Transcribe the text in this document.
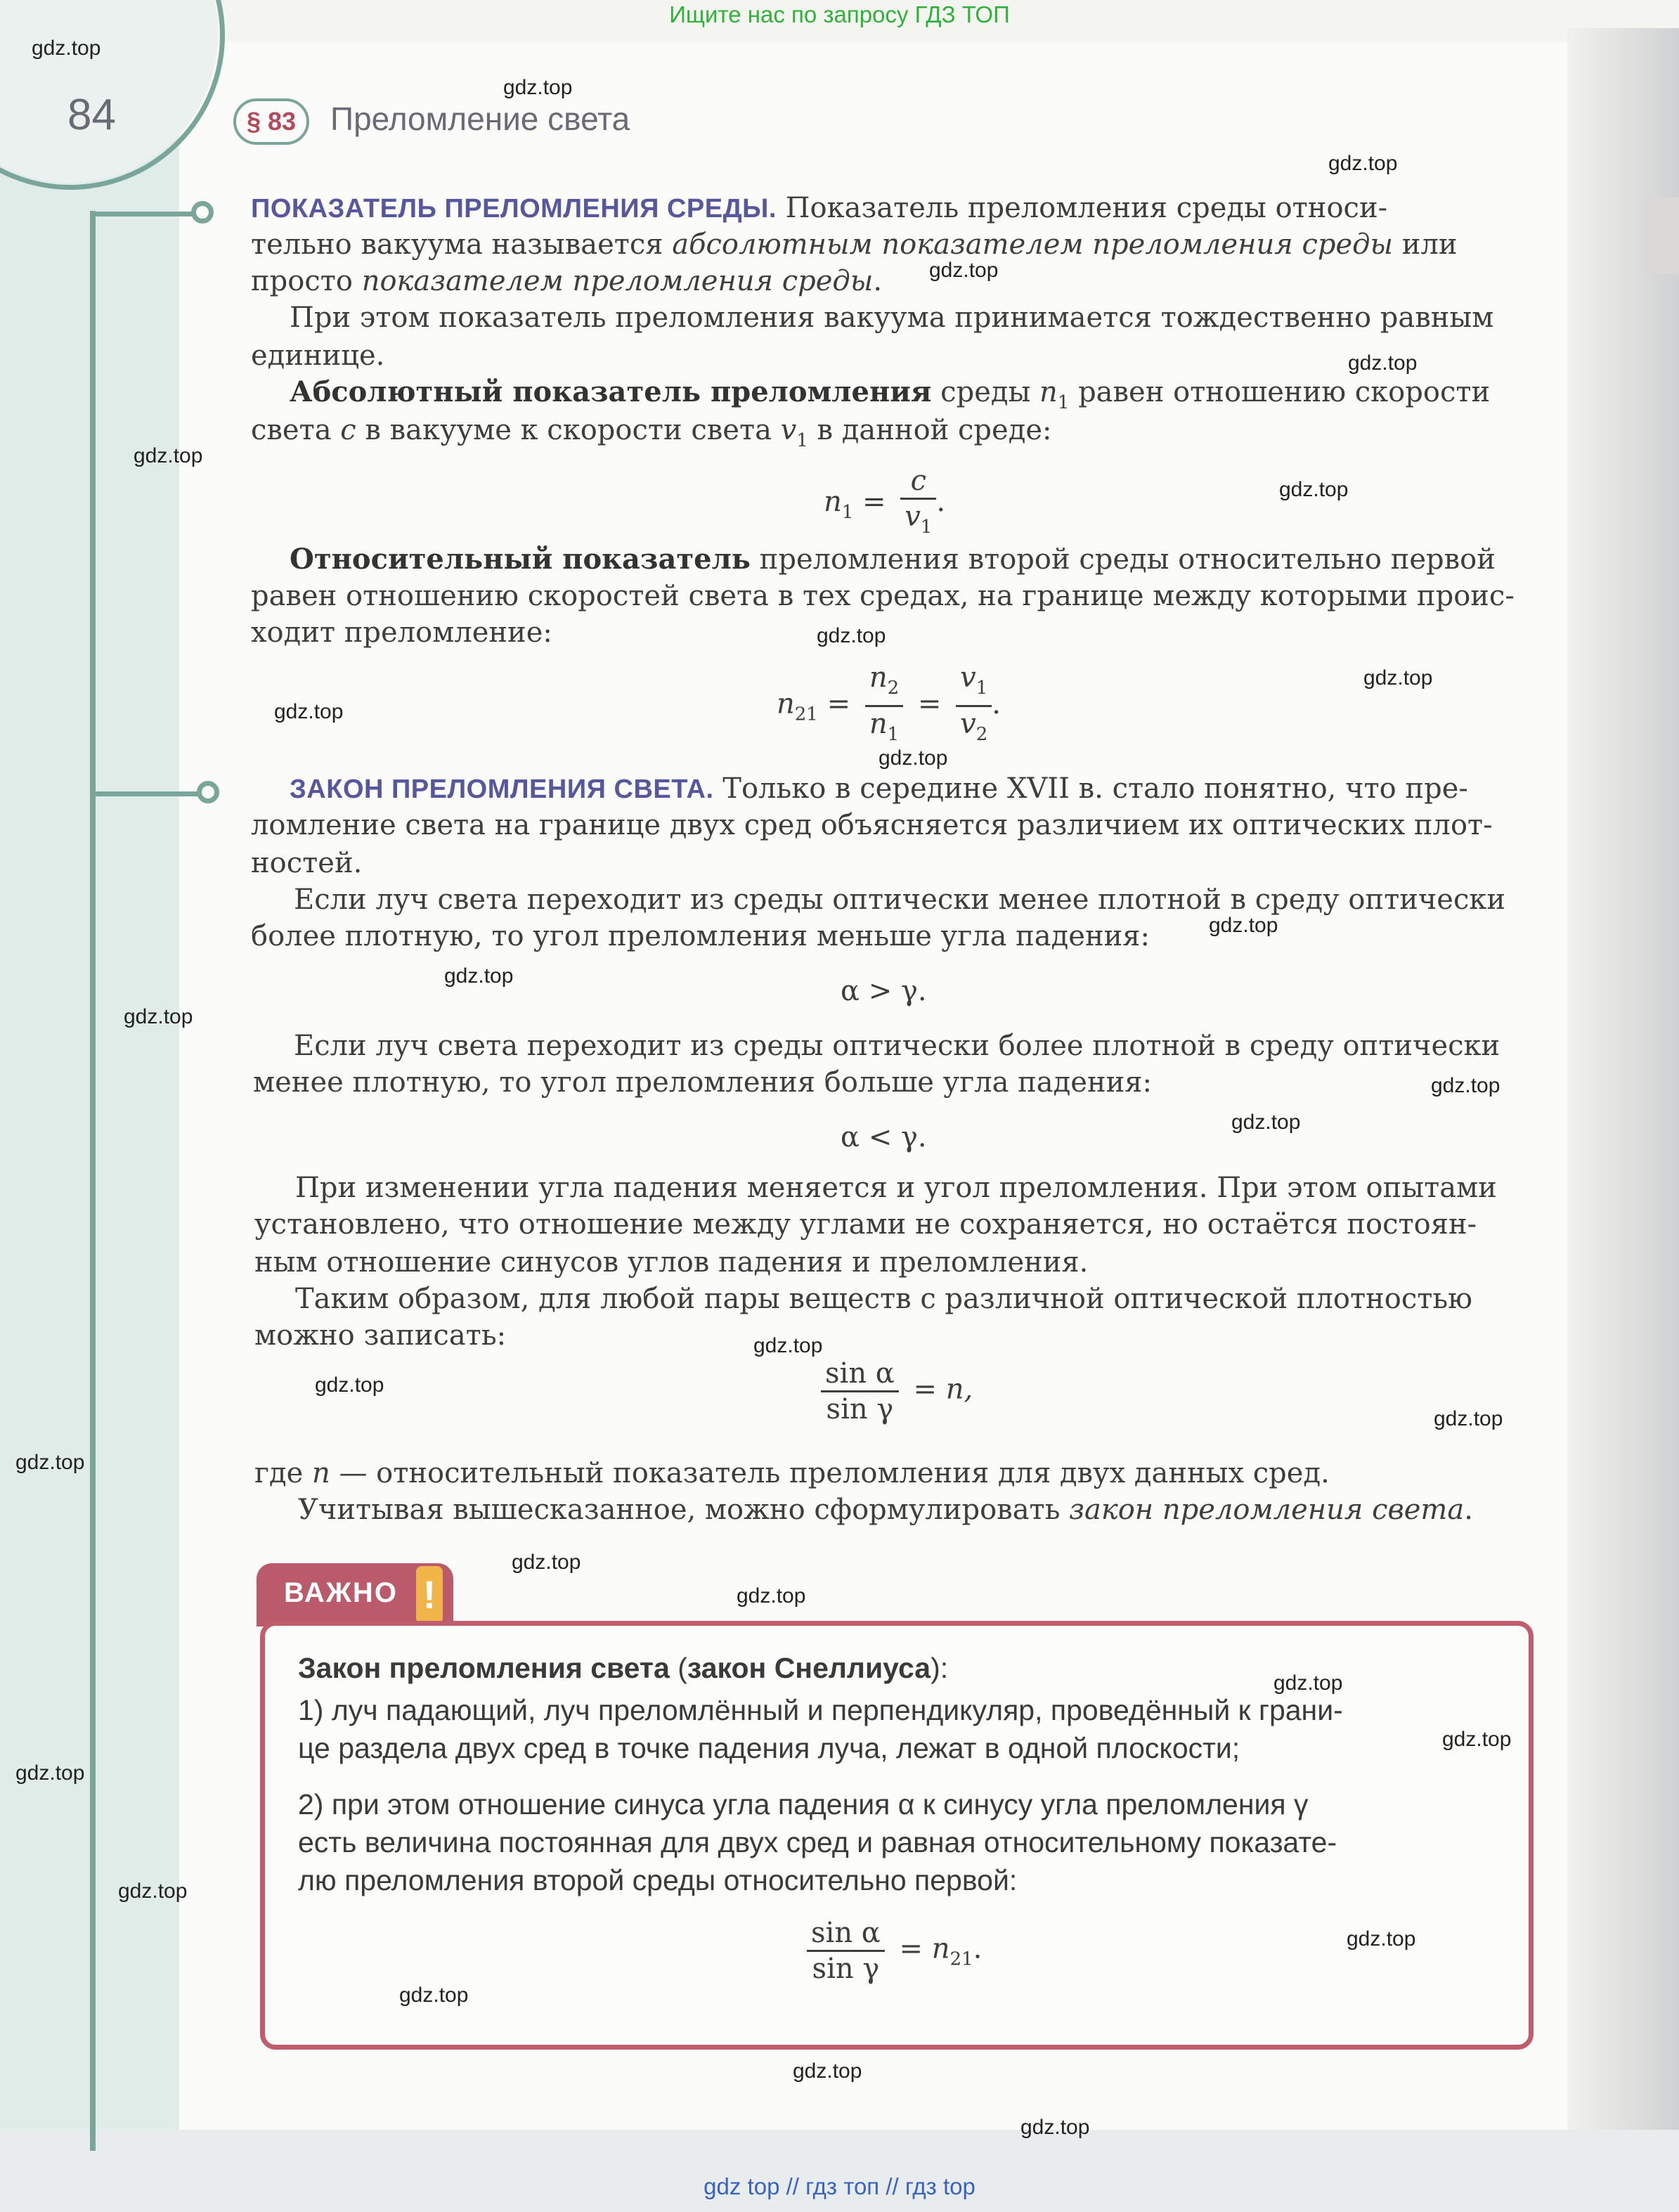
Ищите нас по запросу ГДЗ ТОП
84	§ 83	Преломление света
ПОКАЗАТЕЛЬ ПРЕЛОМЛЕНИЯ СРЕДЫ. Показатель преломления среды относи-
тельно вакуума называется абсолютным показателем преломления среды или
просто показателем преломления среды.
При этом показатель преломления вакуума принимается тождественно равным
единице.
Абсолютный показатель преломления среды $n_1$ равен отношению скорости
света c в вакууме к скорости света $v_1$ в данной среде:
$n_1 = \frac{c}{v_1}$ .
Относительный показатель преломления второй среды относительно первой
равен отношению скоростей света в тех средах, на границе между которыми проис-
ходит преломление:
$n_{21} = \frac{n_2}{n_1} = \frac{v_1}{v_2}$ .
ЗАКОН ПРЕЛОМЛЕНИЯ СВЕТА. Только в середине XVII в. стало понятно, что пре-
ломление света на границе двух сред объясняется различием их оптических плот-
ностей.
Если луч света переходит из среды оптически менее плотной в среду оптически
более плотную, то угол преломления меньше угла падения:
α > γ.
Если луч света переходит из среды оптически более плотной в среду оптически
менее плотную, то угол преломления больше угла падения:
α < γ.
При изменении угла падения меняется и угол преломления. При этом опытами
установлено, что отношение между углами не сохраняется, но остаётся постоян-
ным отношение синусов углов падения и преломления.
Таким образом, для любой пары веществ с различной оптической плотностью
можно записать:
$\frac{\text{sin α}}{\text{sin γ}} = n$,
где n — относительный показатель преломления для двух данных сред.
Учитывая вышесказанное, можно сформулировать закон преломления света.
ВАЖНО !
Закон преломления света (закон Снеллиуса):
1) луч падающий, луч преломлённый и перпендикуляр, проведённый к грани-
це раздела двух сред в точке падения луча, лежат в одной плоскости;
2) при этом отношение синуса угла падения α к синусу угла преломления γ
есть величина постоянная для двух сред и равная относительному показате-
лю преломления второй среды относительно первой:
$\frac{\text{sin α}}{\text{sin γ}} = n_{21}$.
gdz top // гдз топ // гдз top
gdz.top
gdz.top
gdz.top
gdz.top
gdz.top
gdz.top
gdz.top
gdz.top
gdz.top
gdz.top
gdz.top
gdz.top
gdz.top
gdz.top
gdz.top
gdz.top
gdz.top
gdz.top
gdz.top
gdz.top
gdz.top
gdz.top
gdz.top
gdz.top
gdz.top
gdz.top
gdz.top
gdz.top
gdz.top
gdz.top
